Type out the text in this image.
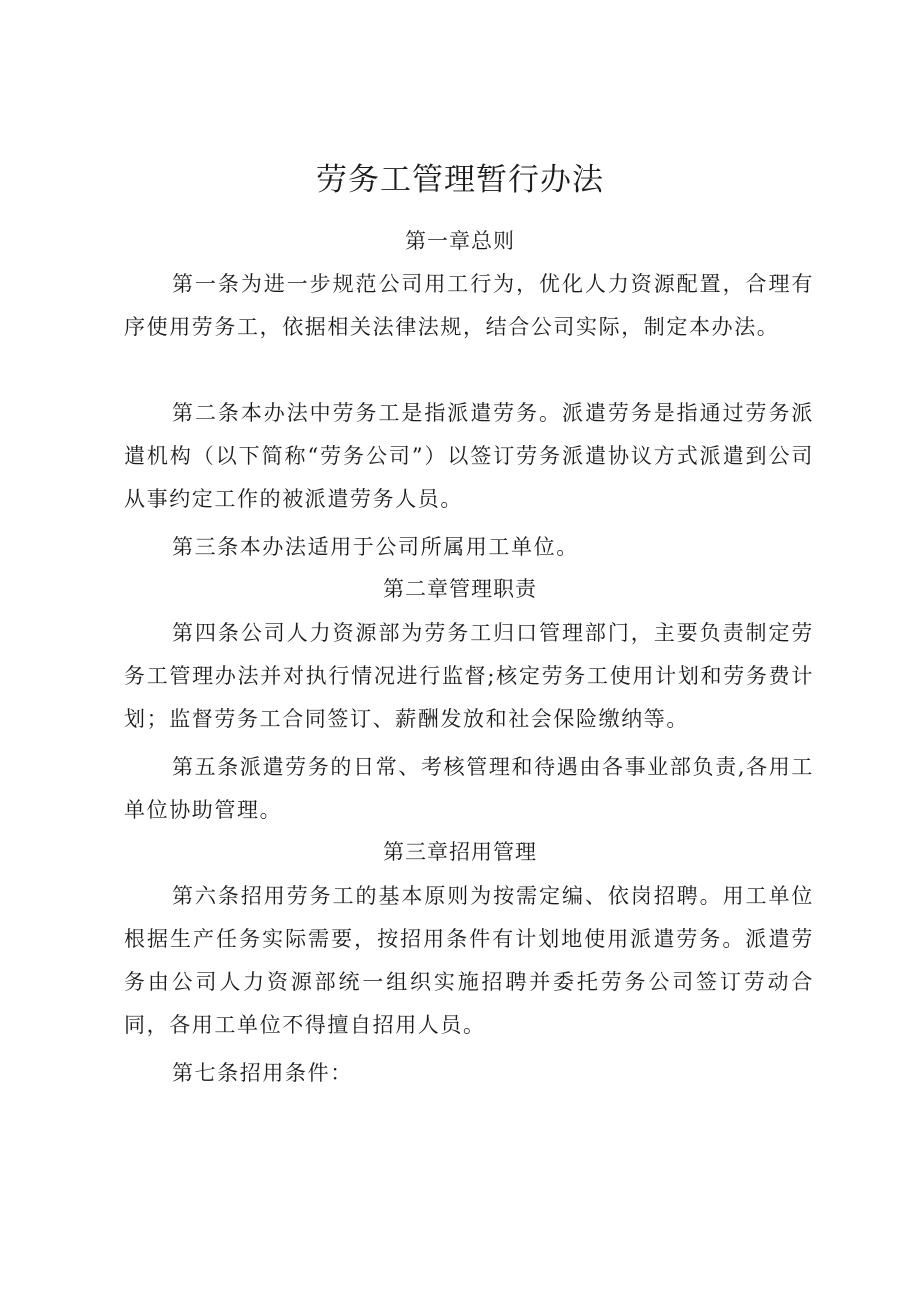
劳务工管理暂行办法
第一章总则

第一条为进一步规范公司用工行为，优化人力资源配置，合理有序使用劳务工，依据相关法律法规，结合公司实际，制定本办法。

第二条本办法中劳务工是指派遣劳务。派遣劳务是指通过劳务派遣机构（以下简称“劳务公司”）以签订劳务派遣协议方式派遣到公司从事约定工作的被派遣劳务人员。

第三条本办法适用于公司所属用工单位。

第二章管理职责

第四条公司人力资源部为劳务工归口管理部门，主要负责制定劳务工管理办法并对执行情况进行监督;核定劳务工使用计划和劳务费计划；监督劳务工合同签订、薪酬发放和社会保险缴纳等。

第五条派遣劳务的日常、考核管理和待遇由各事业部负责,各用工单位协助管理。

第三章招用管理

第六条招用劳务工的基本原则为按需定编、依岗招聘。用工单位根据生产任务实际需要，按招用条件有计划地使用派遣劳务。派遣劳务由公司人力资源部统一组织实施招聘并委托劳务公司签订劳动合同，各用工单位不得擅自招用人员。

第七条招用条件：
